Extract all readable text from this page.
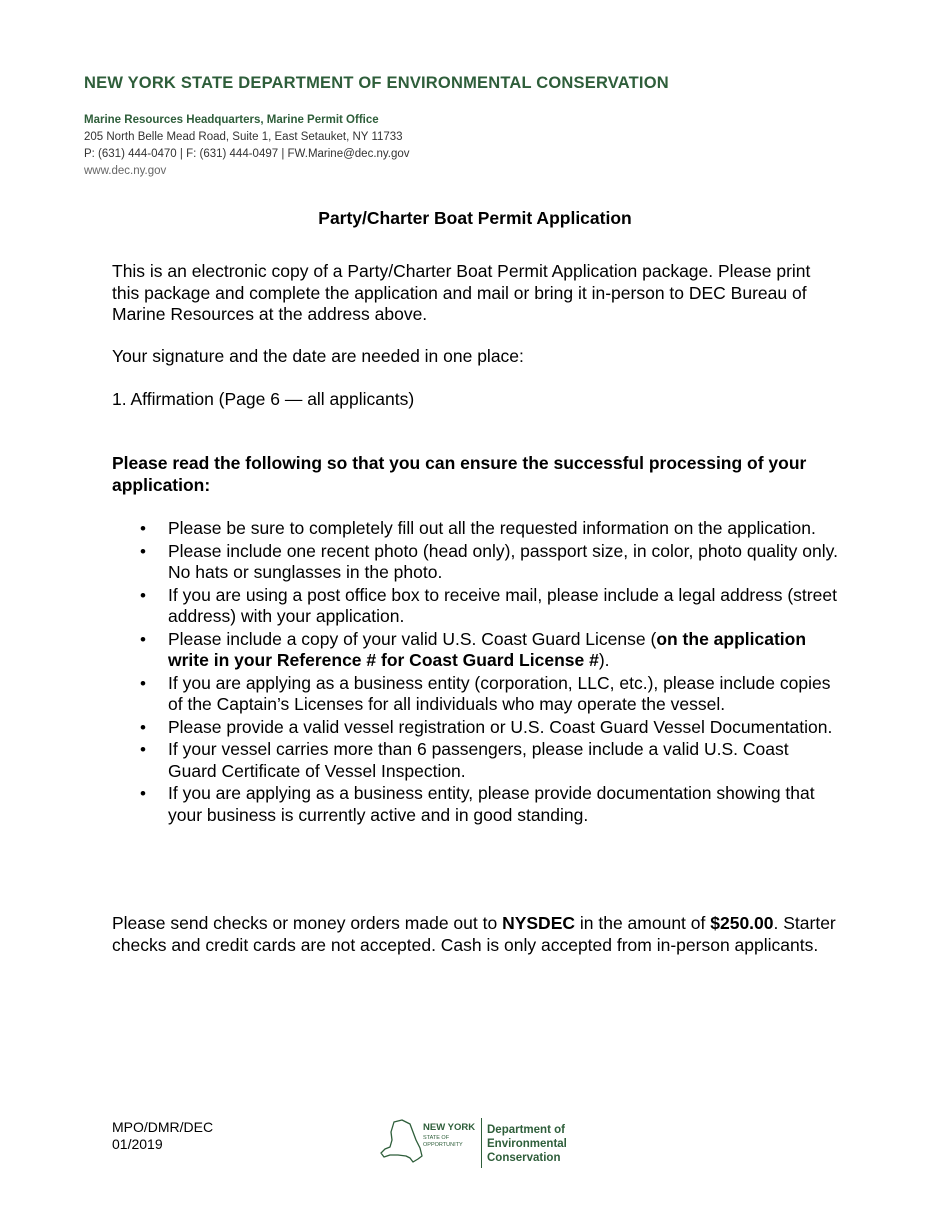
NEW YORK STATE DEPARTMENT OF ENVIRONMENTAL CONSERVATION
Marine Resources Headquarters, Marine Permit Office
205 North Belle Mead Road, Suite 1, East Setauket, NY 11733
P: (631) 444-0470 | F: (631) 444-0497 | FW.Marine@dec.ny.gov
www.dec.ny.gov
Party/Charter Boat Permit Application

This is an electronic copy of a Party/Charter Boat Permit Application package. Please print this package and complete the application and mail or bring it in-person to DEC Bureau of Marine Resources at the address above.

Your signature and the date are needed in one place:

1. Affirmation (Page 6 — all applicants)

Please read the following so that you can ensure the successful processing of your application:

• Please be sure to completely fill out all the requested information on the application.
• Please include one recent photo (head only), passport size, in color, photo quality only. No hats or sunglasses in the photo.
• If you are using a post office box to receive mail, please include a legal address (street address) with your application.
• Please include a copy of your valid U.S. Coast Guard License (on the application write in your Reference # for Coast Guard License #).
• If you are applying as a business entity (corporation, LLC, etc.), please include copies of the Captain’s Licenses for all individuals who may operate the vessel.
• Please provide a valid vessel registration or U.S. Coast Guard Vessel Documentation.
• If your vessel carries more than 6 passengers, please include a valid U.S. Coast Guard Certificate of Vessel Inspection.
• If you are applying as a business entity, please provide documentation showing that your business is currently active and in good standing.

Please send checks or money orders made out to NYSDEC in the amount of $250.00. Starter checks and credit cards are not accepted. Cash is only accepted from in-person applicants.

MPO/DMR/DEC
01/2019
NEW YORK
STATE OF
OPPORTUNITY
Department of
Environmental
Conservation
